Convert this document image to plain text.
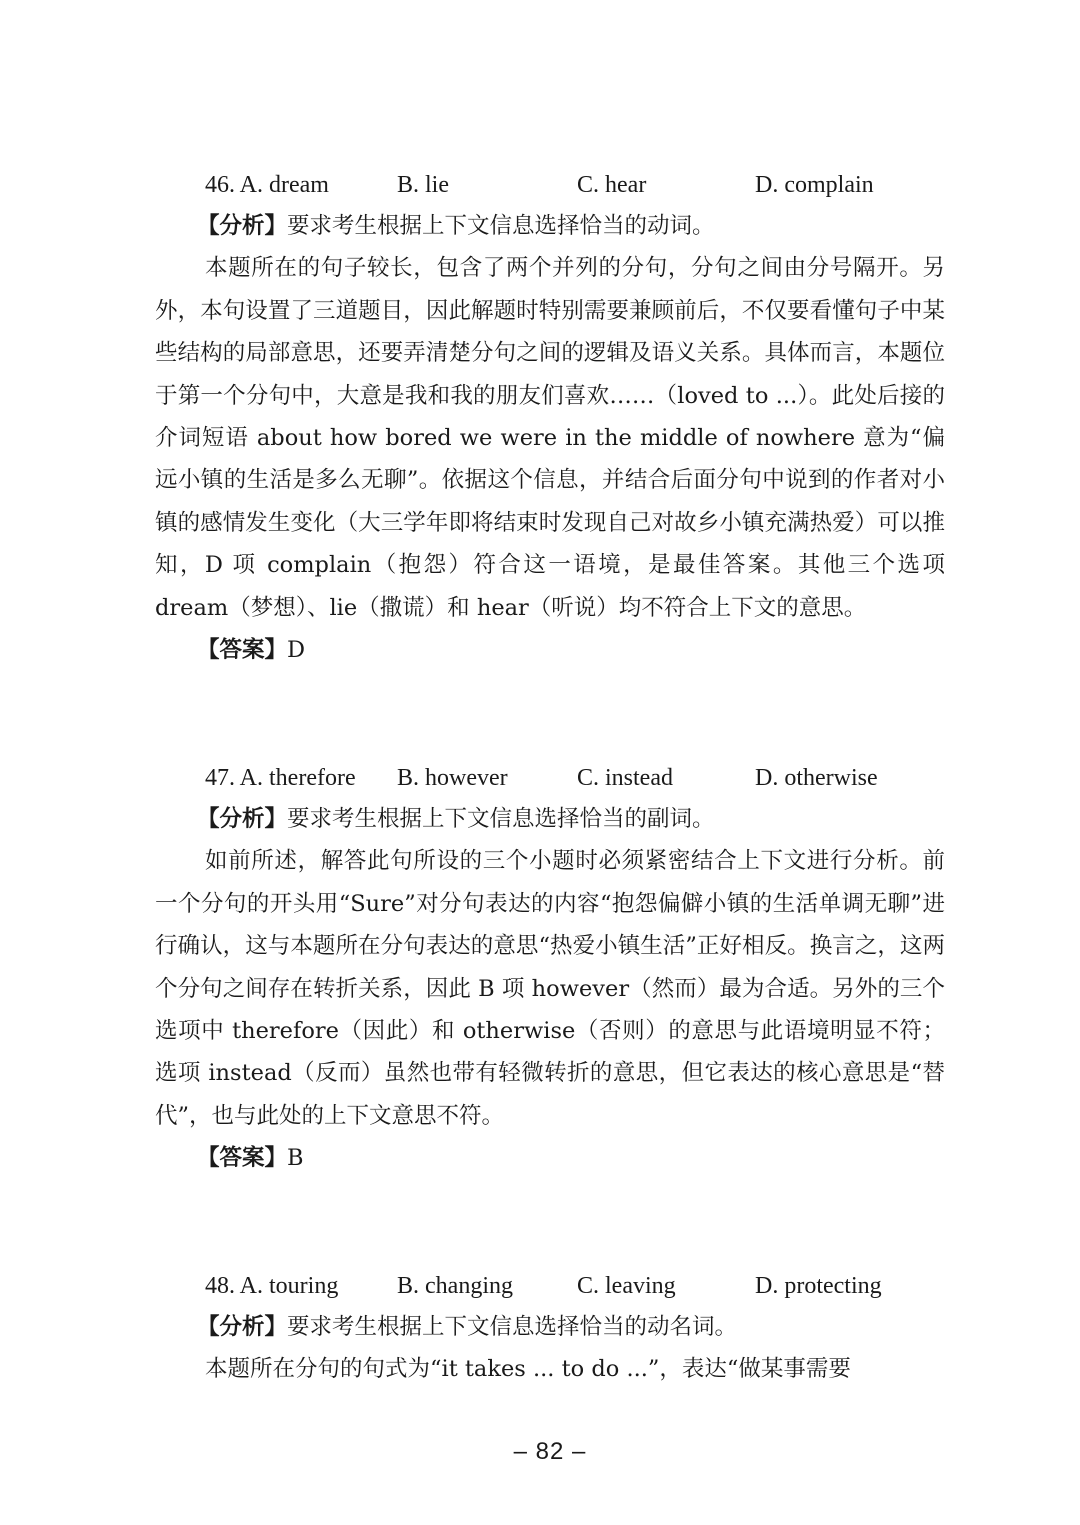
46. A. dream	B. lie	C. hear	D. complain
【分析】要求考生根据上下文信息选择恰当的动词。

本题所在的句子较长，包含了两个并列的分句，分句之间由分号隔开。另外，本句设置了三道题目，因此解题时特别需要兼顾前后，不仅要看懂句子中某些结构的局部意思，还要弄清楚分句之间的逻辑及语义关系。具体而言，本题位于第一个分句中，大意是我和我的朋友们喜欢……（loved to ...）。此处后接的介词短语 about how bored we were in the middle of nowhere 意为“偏远小镇的生活是多么无聊”。依据这个信息，并结合后面分句中说到的作者对小镇的感情发生变化（大三学年即将结束时发现自己对故乡小镇充满热爱）可以推知，D 项 complain（抱怨）符合这一语境，是最佳答案。其他三个选项 dream（梦想）、lie（撒谎）和 hear（听说）均不符合上下文的意思。

【答案】D
47. A. therefore B. however	C. instead	D. otherwise
【分析】要求考生根据上下文信息选择恰当的副词。

如前所述，解答此句所设的三个小题时必须紧密结合上下文进行分析。前一个分句的开头用“Sure”对分句表达的内容“抱怨偏僻小镇的生活单调无聊”进行确认，这与本题所在分句表达的意思“热爱小镇生活”正好相反。换言之，这两个分句之间存在转折关系，因此 B 项 however（然而）最为合适。另外的三个选项中 therefore（因此）和 otherwise（否则）的意思与此语境明显不符；选项 instead（反而）虽然也带有轻微转折的意思，但它表达的核心意思是“替代”，也与此处的上下文意思不符。

【答案】B
48. A. touring B. changing	C. leaving	D. protecting
【分析】要求考生根据上下文信息选择恰当的动名词。

本题所在分句的句式为“it takes ... to do ...”，表达“做某事需要

– 82 –
